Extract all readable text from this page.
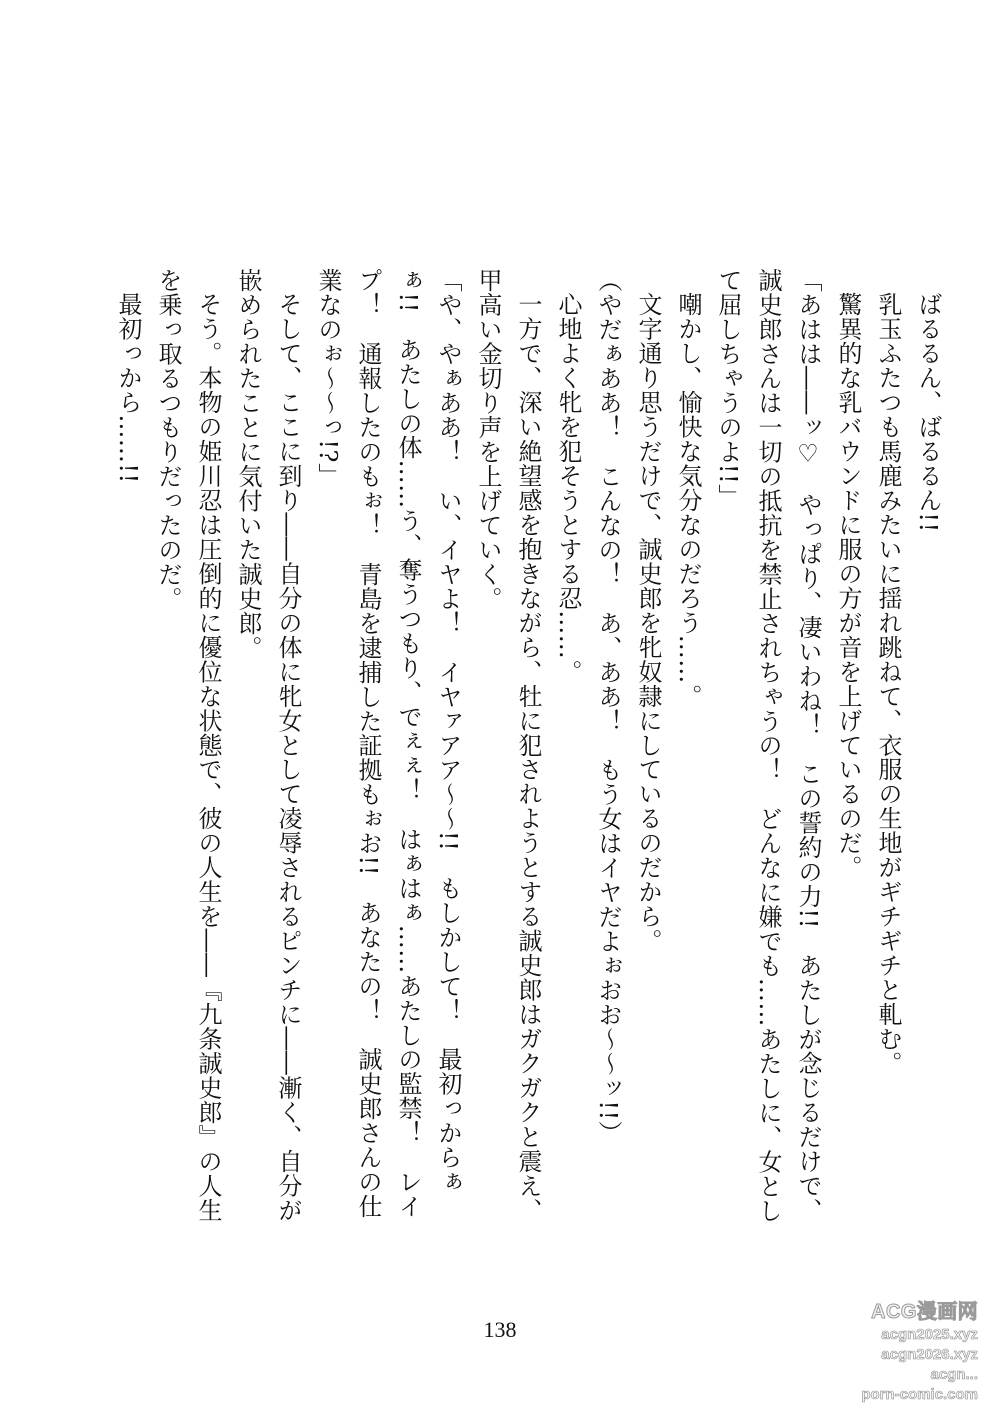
ばるるん、ばるるん!!

乳玉ふたつも馬鹿みたいに揺れ跳ねて、衣服の生地がギチギチと軋む。

驚異的な乳バウンドに服の方が音を上げているのだ。

「あはは――ッ♡　やっぱり、凄いわね！　この誓約の力!!　あたしが念じるだけで、誠史郎さんは一切の抵抗を禁止されちゃうの！　どんなに嫌でも……あたしに、女として屈しちゃうのよ!!」

嘲かし、愉快な気分なのだろう……。

文字通り思うだけで、誠史郎を牝奴隷にしているのだから。

（やだぁああ！　こんなの！　あ、ああ！　もう女はイヤだよぉおお～～ッ!!）

心地よく牝を犯そうとする忍……。

一方で、深い絶望感を抱きながら、牡に犯されようとする誠史郎はガクガクと震え、甲高い金切り声を上げていく。

「や、やぁああ！　い、イヤよ！　イヤァアア～～!!　もしかして！　最初っからぁぁ!!　あたしの体……う、奪うつもり、でぇぇ！　はぁはぁ……あたしの監禁！　レイプ！　通報したのもぉ！　青島を逮捕した証拠もぉお!!　あなたの！　誠史郎さんの仕業なのぉ～～っ!?」

そして、ここに到り――自分の体に牝女として凌辱されるピンチに――漸く、自分が嵌められたことに気付いた誠史郎。

そう。本物の姫川忍は圧倒的に優位な状態で、彼の人生を――『九条誠史郎』の人生を乗っ取るつもりだったのだ。

最初っから……!!

138
ACG漫画网
acgn2025.xyz
acgn2026.xyz
acgn...
porn-comic.com
